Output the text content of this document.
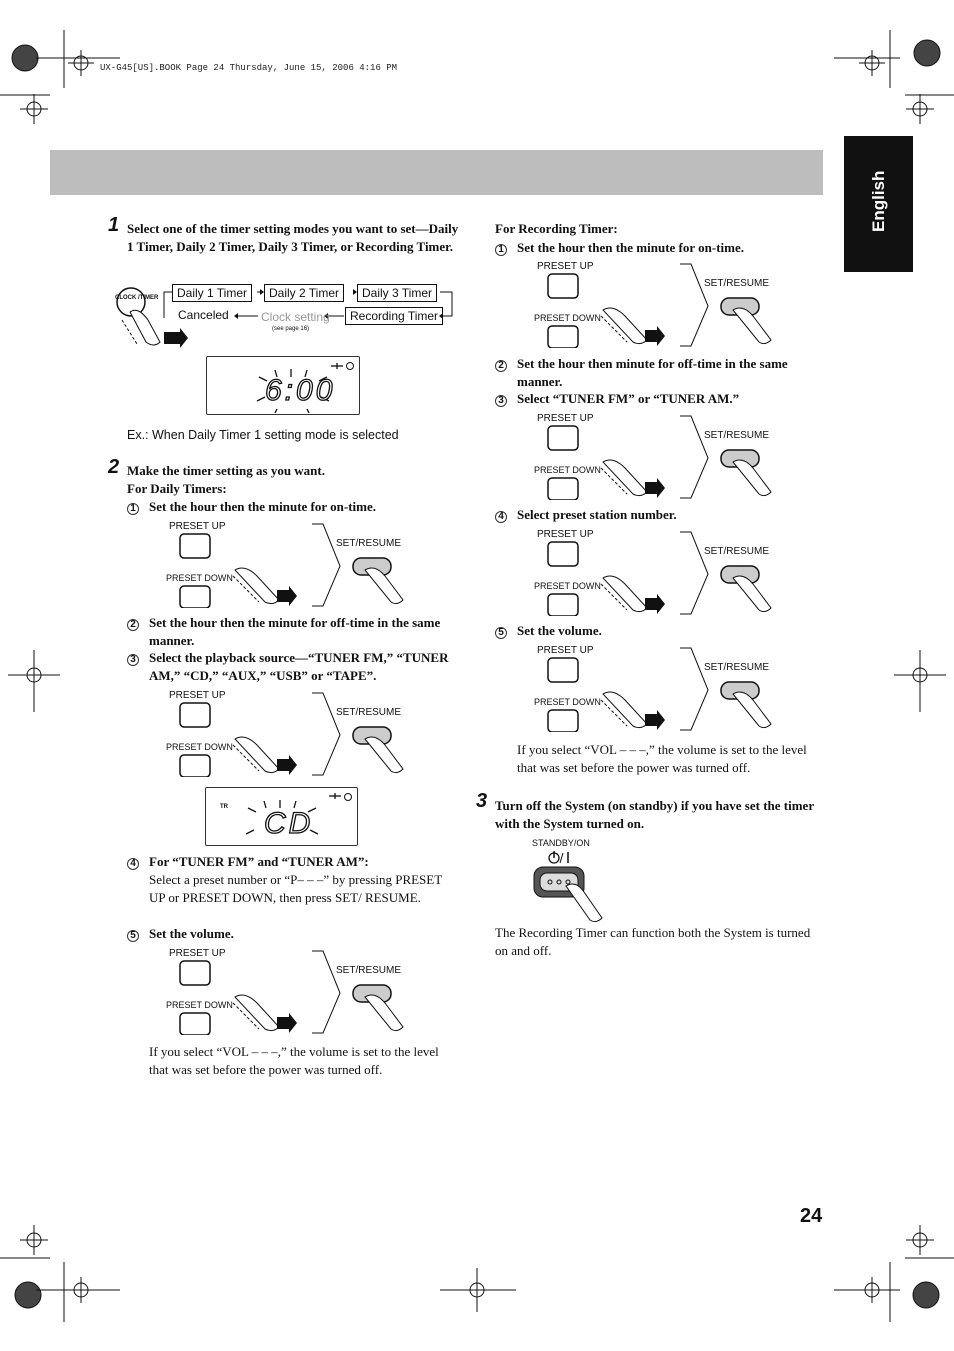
UX-G45[US].BOOK Page 24 Thursday, June 15, 2006 4:16 PM
English
1 Select one of the timer setting modes you want to set—Daily 1 Timer, Daily 2 Timer, Daily 3 Timer, or Recording Timer.
CLOCK /TIMER	Daily 1 Timer	Daily 2 Timer	Daily 3 Timer
Recording Timer
Canceled	Clock setting
(see page 16)
6:00
Ex.: When Daily Timer 1 setting mode is selected
2 Make the timer setting as you want.
For Daily Timers:
1 Set the hour then the minute for on-time.
PRESET UP
PRESET DOWN
SET/RESUME
2 Set the hour then the minute for off-time in the same manner.
3 Select the playback source—“TUNER FM,” “TUNER AM,” “CD,” “AUX,” “USB” or “TAPE”.
PRESET UP
PRESET DOWN
SET/RESUME
TR CD
4 For “TUNER FM” and “TUNER AM”:
Select a preset number or “P– – –” by pressing PRESET UP or PRESET DOWN, then press SET/ RESUME.
5 Set the volume.
PRESET UP
PRESET DOWN
SET/RESUME
If you select “VOL – – –,” the volume is set to the level that was set before the power was turned off.
For Recording Timer:
1 Set the hour then the minute for on-time.
PRESET UP
PRESET DOWN
SET/RESUME
2 Set the hour then minute for off-time in the same manner.
3 Select “TUNER FM” or “TUNER AM.”
PRESET UP
PRESET DOWN
SET/RESUME
4 Select preset station number.
PRESET UP
PRESET DOWN
SET/RESUME
5 Set the volume.
PRESET UP
PRESET DOWN
SET/RESUME
If you select “VOL – – –,” the volume is set to the level that was set before the power was turned off.
3 Turn off the System (on standby) if you have set the timer with the System turned on.
STANDBY/ON
The Recording Timer can function both the System is turned on and off.
24
